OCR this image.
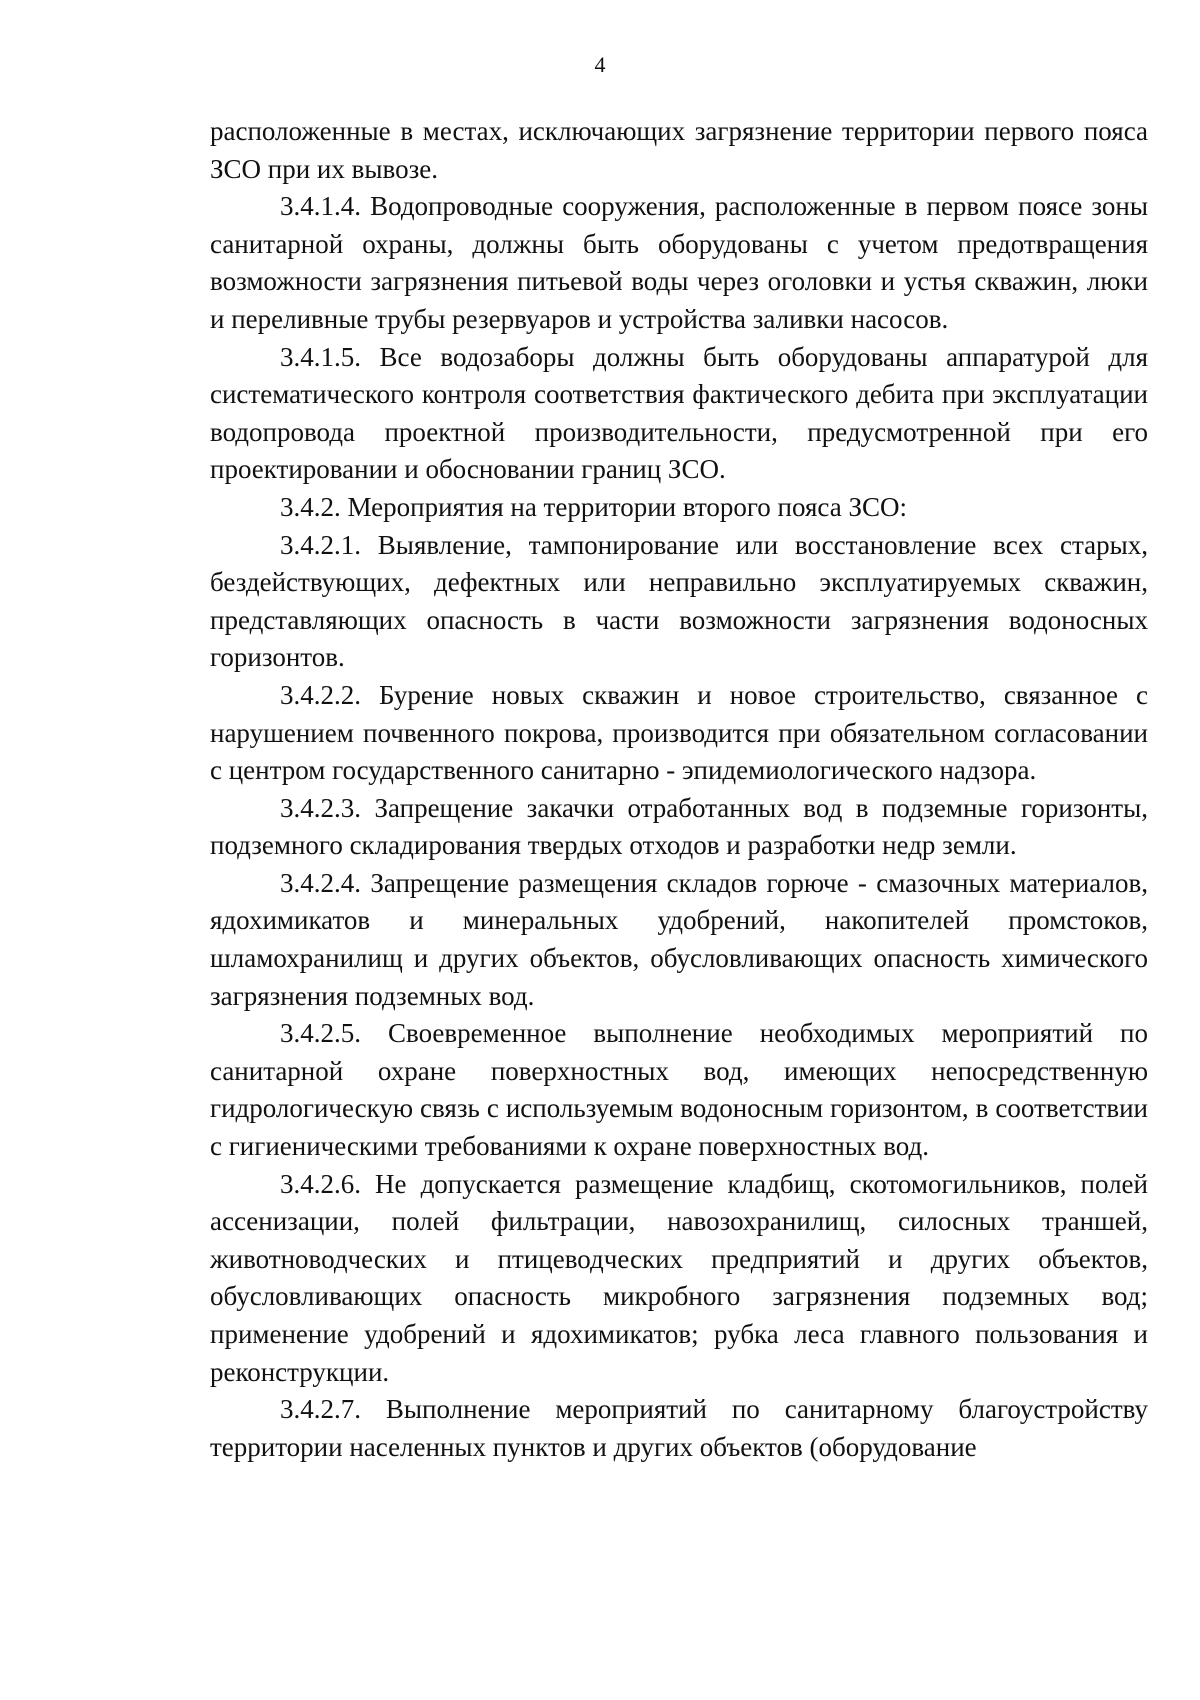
4

расположенные в местах, исключающих загрязнение территории первого пояса ЗСО при их вывозе.

3.4.1.4. Водопроводные сооружения, расположенные в первом поясе зоны санитарной охраны, должны быть оборудованы с учетом предотвращения возможности загрязнения питьевой воды через оголовки и устья скважин, люки и переливные трубы резервуаров и устройства заливки насосов.

3.4.1.5. Все водозаборы должны быть оборудованы аппаратурой для систематического контроля соответствия фактического дебита при эксплуатации водопровода проектной производительности, предусмотренной при его проектировании и обосновании границ ЗСО.

3.4.2. Мероприятия на территории второго пояса ЗСО:

3.4.2.1. Выявление, тампонирование или восстановление всех старых, бездействующих, дефектных или неправильно эксплуатируемых скважин, представляющих опасность в части возможности загрязнения водоносных горизонтов.

3.4.2.2. Бурение новых скважин и новое строительство, связанное с нарушением почвенного покрова, производится при обязательном согласовании с центром государственного санитарно - эпидемиологического надзора.

3.4.2.3. Запрещение закачки отработанных вод в подземные горизонты, подземного складирования твердых отходов и разработки недр земли.

3.4.2.4. Запрещение размещения складов горюче - смазочных материалов, ядохимикатов и минеральных удобрений, накопителей промстоков, шламохранилищ и других объектов, обусловливающих опасность химического загрязнения подземных вод.

3.4.2.5. Своевременное выполнение необходимых мероприятий по санитарной охране поверхностных вод, имеющих непосредственную гидрологическую связь с используемым водоносным горизонтом, в соответствии с гигиеническими требованиями к охране поверхностных вод.

3.4.2.6. Не допускается размещение кладбищ, скотомогильников, полей ассенизации, полей фильтрации, навозохранилищ, силосных траншей, животноводческих и птицеводческих предприятий и других объектов, обусловливающих опасность микробного загрязнения подземных вод; применение удобрений и ядохимикатов; рубка леса главного пользования и реконструкции.

3.4.2.7. Выполнение мероприятий по санитарному благоустройству территории населенных пунктов и других объектов (оборудование
